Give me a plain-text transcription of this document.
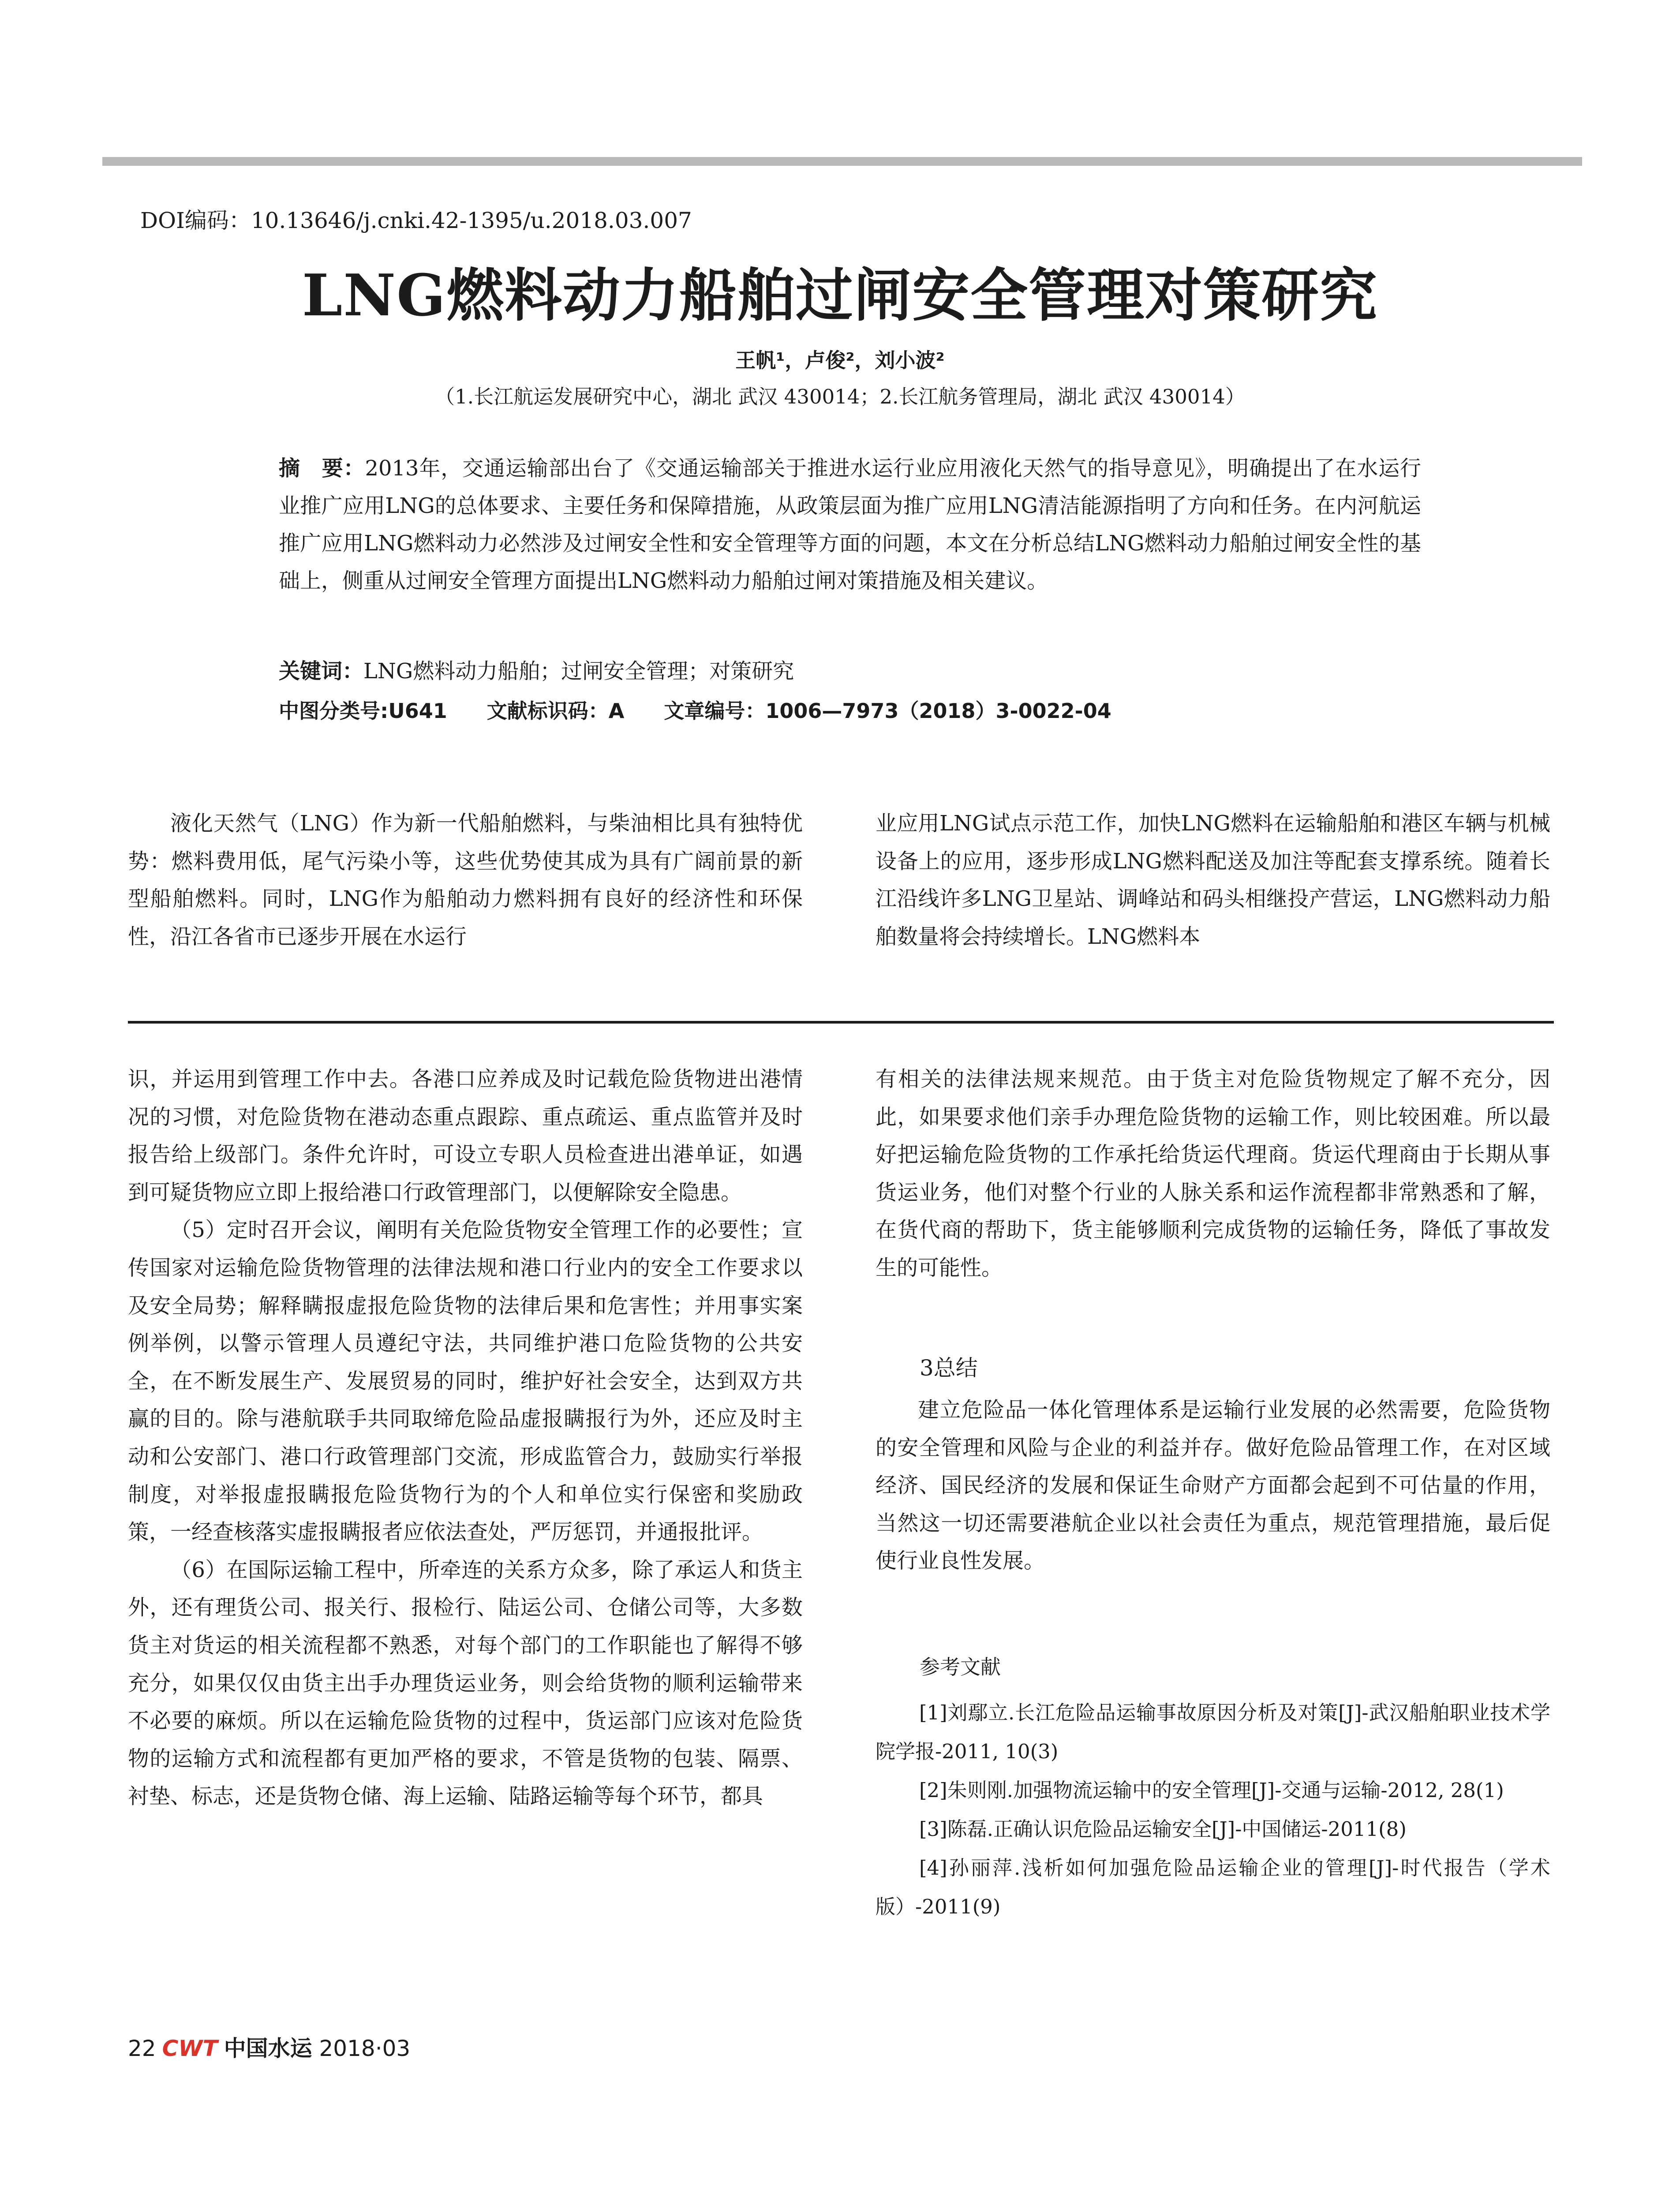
DOI编码：10.13646/j.cnki.42-1395/u.2018.03.007
LNG燃料动力船舶过闸安全管理对策研究
王帆¹，卢俊²，刘小波²
（1.长江航运发展研究中心，湖北 武汉 430014；2.长江航务管理局，湖北 武汉 430014）
摘　要：2013年，交通运输部出台了《交通运输部关于推进水运行业应用液化天然气的指导意见》，明确提出了在水运行业推广应用LNG的总体要求、主要任务和保障措施，从政策层面为推广应用LNG清洁能源指明了方向和任务。在内河航运推广应用LNG燃料动力必然涉及过闸安全性和安全管理等方面的问题，本文在分析总结LNG燃料动力船舶过闸安全性的基础上，侧重从过闸安全管理方面提出LNG燃料动力船舶过闸对策措施及相关建议。
关键词：LNG燃料动力船舶；过闸安全管理；对策研究
中图分类号:U641 文献标识码：A 文章编号：1006—7973（2018）3-0022-04

液化天然气（LNG）作为新一代船舶燃料，与柴油相比具有独特优势：燃料费用低，尾气污染小等，这些优势使其成为具有广阔前景的新型船舶燃料。同时，LNG作为船舶动力燃料拥有良好的经济性和环保性，沿江各省市已逐步开展在水运行

业应用LNG试点示范工作，加快LNG燃料在运输船舶和港区车辆与机械设备上的应用，逐步形成LNG燃料配送及加注等配套支撑系统。随着长江沿线许多LNG卫星站、调峰站和码头相继投产营运，LNG燃料动力船舶数量将会持续增长。LNG燃料本

识，并运用到管理工作中去。各港口应养成及时记载危险货物进出港情况的习惯，对危险货物在港动态重点跟踪、重点疏运、重点监管并及时报告给上级部门。条件允许时，可设立专职人员检查进出港单证，如遇到可疑货物应立即上报给港口行政管理部门，以便解除安全隐患。

（5）定时召开会议，阐明有关危险货物安全管理工作的必要性；宣传国家对运输危险货物管理的法律法规和港口行业内的安全工作要求以及安全局势；解释瞒报虚报危险货物的法律后果和危害性；并用事实案例举例，以警示管理人员遵纪守法，共同维护港口危险货物的公共安全，在不断发展生产、发展贸易的同时，维护好社会安全，达到双方共赢的目的。除与港航联手共同取缔危险品虚报瞒报行为外，还应及时主动和公安部门、港口行政管理部门交流，形成监管合力，鼓励实行举报制度，对举报虚报瞒报危险货物行为的个人和单位实行保密和奖励政策，一经查核落实虚报瞒报者应依法查处，严厉惩罚，并通报批评。

（6）在国际运输工程中，所牵连的关系方众多，除了承运人和货主外，还有理货公司、报关行、报检行、陆运公司、仓储公司等，大多数货主对货运的相关流程都不熟悉，对每个部门的工作职能也了解得不够充分，如果仅仅由货主出手办理货运业务，则会给货物的顺利运输带来不必要的麻烦。所以在运输危险货物的过程中，货运部门应该对危险货物的运输方式和流程都有更加严格的要求，不管是货物的包装、隔票、衬垫、标志，还是货物仓储、海上运输、陆路运输等每个环节，都具

有相关的法律法规来规范。由于货主对危险货物规定了解不充分，因此，如果要求他们亲手办理危险货物的运输工作，则比较困难。所以最好把运输危险货物的工作承托给货运代理商。货运代理商由于长期从事货运业务，他们对整个行业的人脉关系和运作流程都非常熟悉和了解，在货代商的帮助下，货主能够顺利完成货物的运输任务，降低了事故发生的可能性。

3总结

建立危险品一体化管理体系是运输行业发展的必然需要，危险货物的安全管理和风险与企业的利益并存。做好危险品管理工作，在对区域经济、国民经济的发展和保证生命财产方面都会起到不可估量的作用，当然这一切还需要港航企业以社会责任为重点，规范管理措施，最后促使行业良性发展。

参考文献

[1]刘鄢立.长江危险品运输事故原因分析及对策[J]-武汉船舶职业技术学院学报-2011, 10(3)

[2]朱则刚.加强物流运输中的安全管理[J]-交通与运输-2012, 28(1)

[3]陈磊.正确认识危险品运输安全[J]-中国储运-2011(8)

[4]孙丽萍.浅析如何加强危险品运输企业的管理[J]-时代报告（学术版）-2011(9)

22 CWT 中国水运 2018·03
